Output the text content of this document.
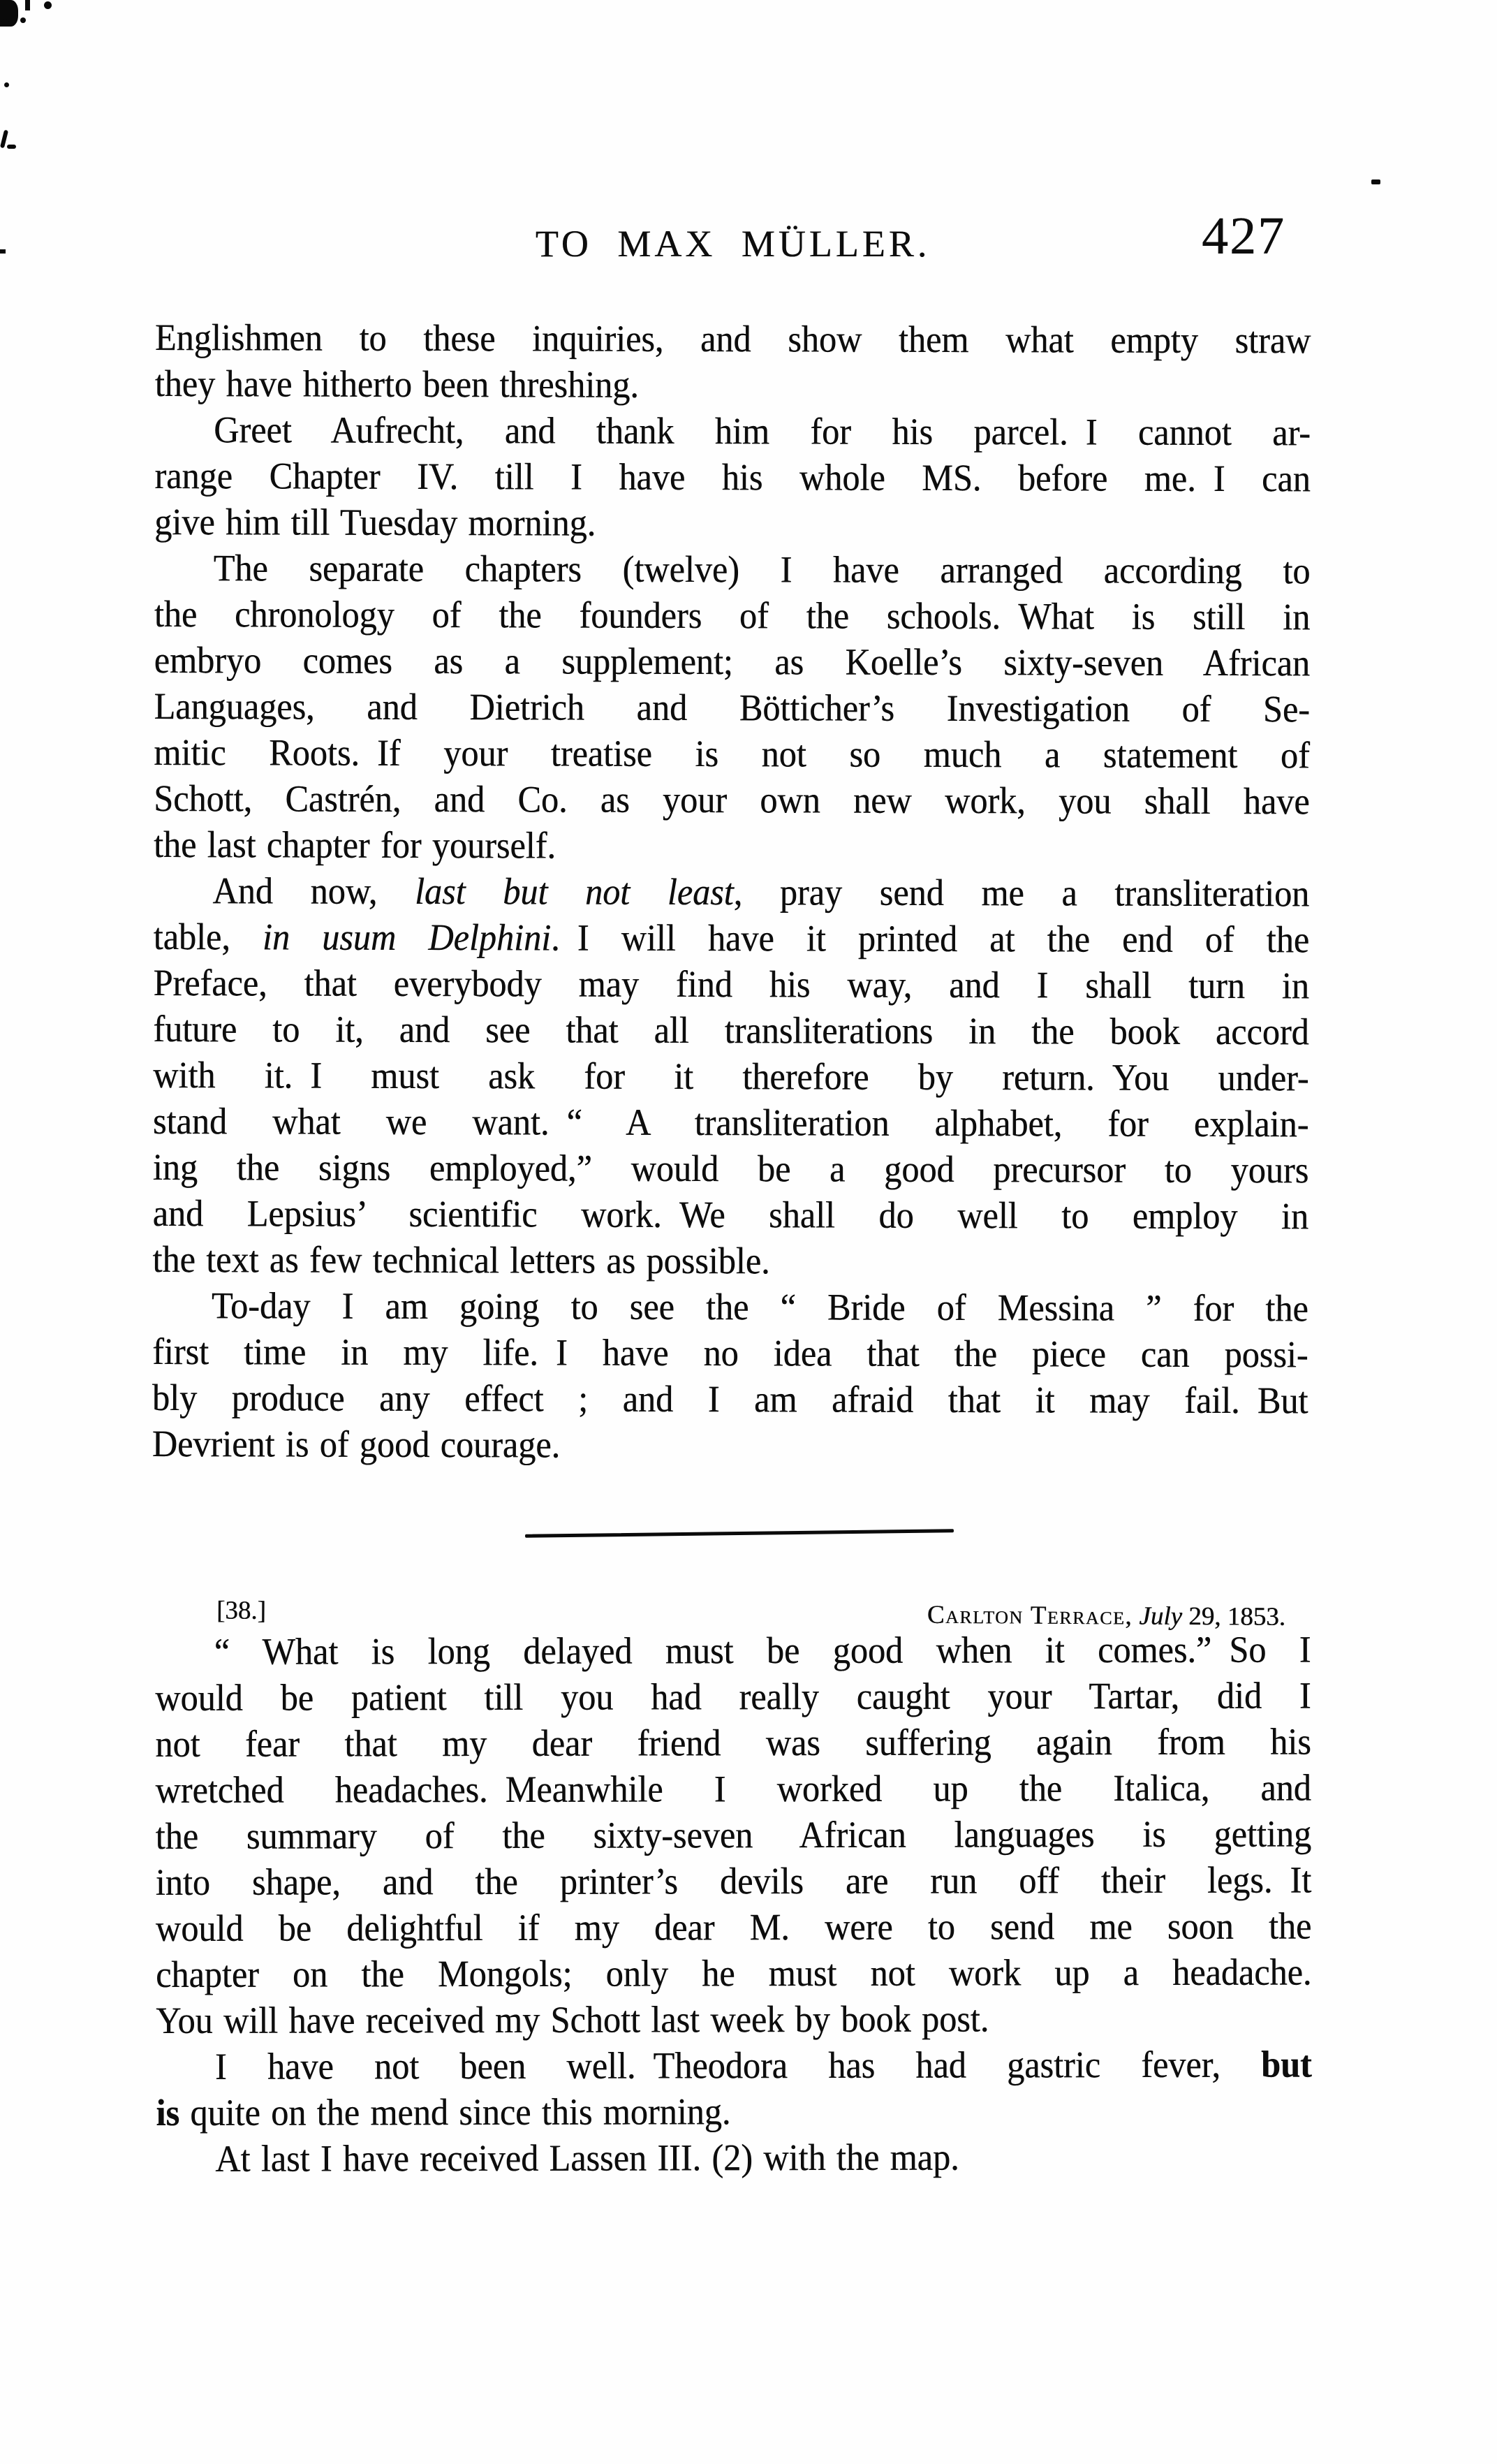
TO MAX MÜLLER.	427
Englishmen to these inquiries, and show them what empty straw
they have hitherto been threshing.
Greet Aufrecht, and thank him for his parcel. I cannot ar-
range Chapter IV. till I have his whole MS. before me. I can
give him till Tuesday morning.
The separate chapters (twelve) I have arranged according to
the chronology of the founders of the schools. What is still in
embryo comes as a supplement; as Koelle’s sixty-seven African
Languages, and Dietrich and Bötticher’s Investigation of Se-
mitic Roots. If your treatise is not so much a statement of
Schott, Castrén, and Co. as your own new work, you shall have
the last chapter for yourself.
And now, last but not least, pray send me a transliteration
table, in usum Delphini. I will have it printed at the end of the
Preface, that everybody may find his way, and I shall turn in
future to it, and see that all transliterations in the book accord
with it. I must ask for it therefore by return. You under-
stand what we want. “ A transliteration alphabet, for explain-
ing the signs employed,” would be a good precursor to yours
and Lepsius’ scientific work. We shall do well to employ in
the text as few technical letters as possible.
To-day I am going to see the “ Bride of Messina ” for the
first time in my life. I have no idea that the piece can possi-
bly produce any effect ; and I am afraid that it may fail. But
Devrient is of good courage.
[38.]	Carlton Terrace, July 29, 1853.
“ What is long delayed must be good when it comes.” So I
would be patient till you had really caught your Tartar, did I
not fear that my dear friend was suffering again from his
wretched headaches. Meanwhile I worked up the Italica, and
the summary of the sixty-seven African languages is getting
into shape, and the printer’s devils are run off their legs. It
would be delightful if my dear M. were to send me soon the
chapter on the Mongols; only he must not work up a headache.
You will have received my Schott last week by book post.
I have not been well. Theodora has had gastric fever, but
is quite on the mend since this morning.
At last I have received Lassen III. (2) with the map.
